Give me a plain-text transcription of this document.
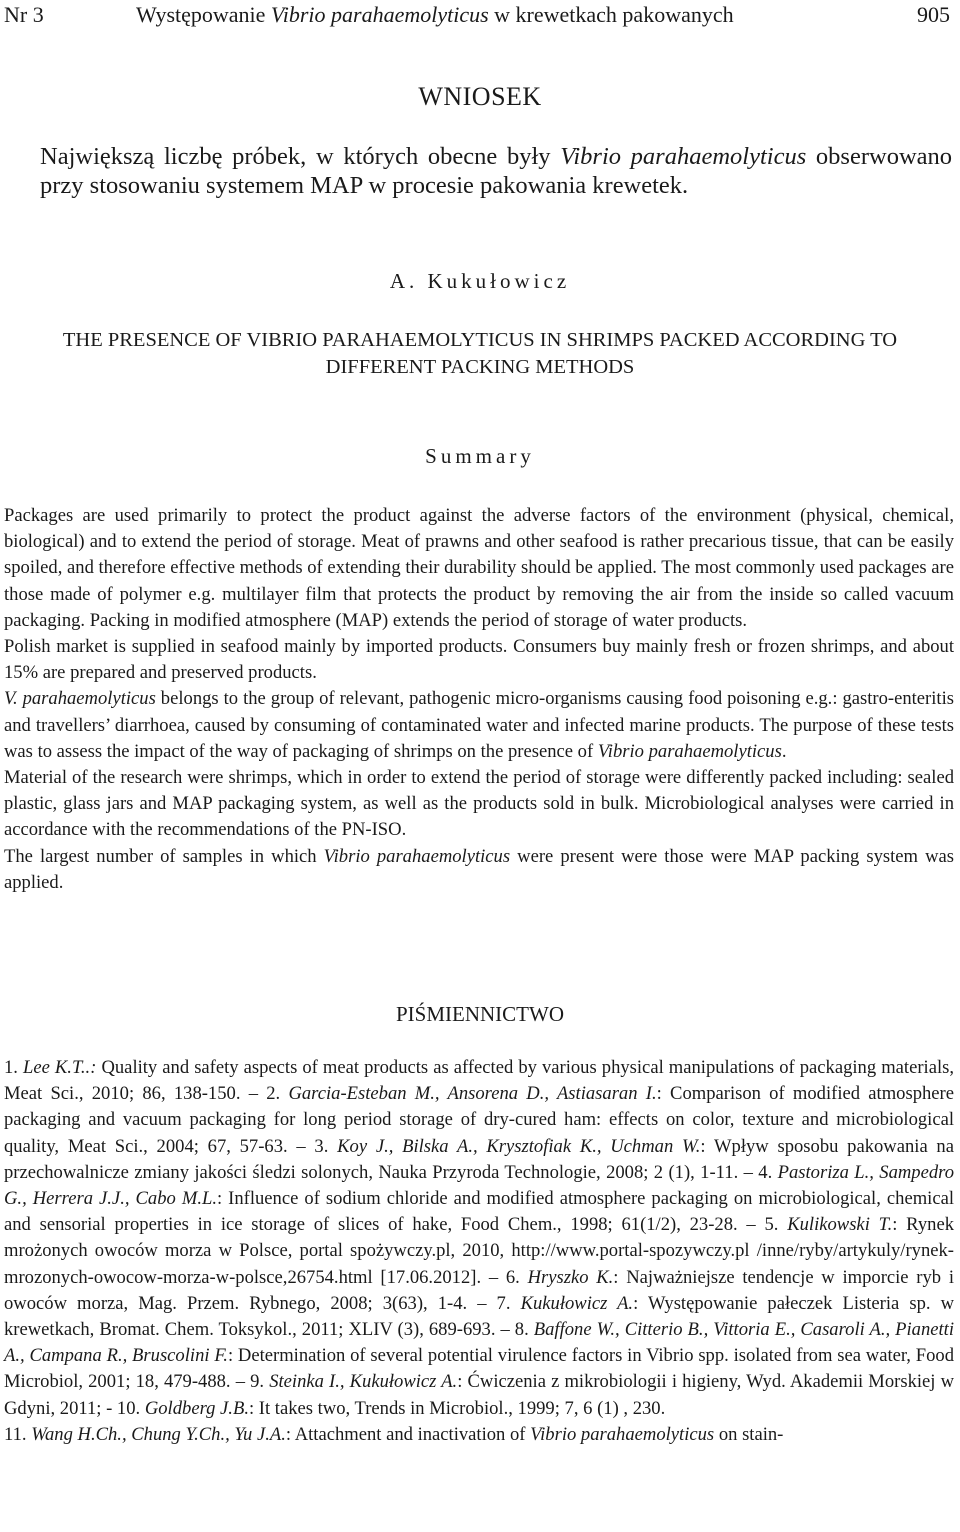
Nr 3	Występowanie Vibrio parahaemolyticus w krewetkach pakowanych	905
WNIOSEK
Największą liczbę próbek, w których obecne były Vibrio parahaemolyticus obserwowano przy stosowaniu systemem MAP w procesie pakowania krewetek.
A. Kukułowicz
THE PRESENCE OF VIBRIO PARAHAEMOLYTICUS IN SHRIMPS PACKED ACCORDING TO DIFFERENT PACKING METHODS
Summary

Packages are used primarily to protect the product against the adverse factors of the environment (physical, chemical, biological) and to extend the period of storage. Meat of prawns and other seafood is rather precarious tissue, that can be easily spoiled, and therefore effective methods of extending their durability should be applied. The most commonly used packages are those made of polymer e.g. multilayer film that protects the product by removing the air from the inside so called vacuum packaging. Packing in modified atmosphere (MAP) extends the period of storage of water products.

Polish market is supplied in seafood mainly by imported products. Consumers buy mainly fresh or frozen shrimps, and about 15% are prepared and preserved products.

V. parahaemolyticus belongs to the group of relevant, pathogenic micro-organisms causing food poisoning e.g.: gastro-enteritis and travellers’ diarrhoea, caused by consuming of contaminated water and infected marine products. The purpose of these tests was to assess the impact of the way of packaging of shrimps on the presence of Vibrio parahaemolyticus.

Material of the research were shrimps, which in order to extend the period of storage were differently packed including: sealed plastic, glass jars and MAP packaging system, as well as the products sold in bulk. Microbiological analyses were carried in accordance with the recommendations of the PN-ISO.

The largest number of samples in which Vibrio parahaemolyticus were present were those were MAP packing system was applied.

PIŚMIENNICTWO

1. Lee K.T..: Quality and safety aspects of meat products as affected by various physical manipulations of packaging materials, Meat Sci., 2010; 86, 138-150. – 2. Garcia-Esteban M., Ansorena D., Astiasaran I.: Comparison of modified atmosphere packaging and vacuum packaging for long period storage of dry-cured ham: effects on color, texture and microbiological quality, Meat Sci., 2004; 67, 57-63. – 3. Koy J., Bilska A., Krysztofiak K., Uchman W.: Wpływ sposobu pakowania na przechowalnicze zmiany jakości śledzi solonych, Nauka Przyroda Technologie, 2008; 2 (1), 1-11. – 4. Pastoriza L., Sampedro G., Herrera J.J., Cabo M.L.: Influence of sodium chloride and modified atmosphere packaging on microbiological, chemical and sensorial properties in ice storage of slices of hake, Food Chem., 1998; 61(1/2), 23-28. – 5. Kulikowski T.: Rynek mrożonych owoców morza w Polsce, portal spożywczy.pl, 2010, http://www.portal-spozywczy.pl /inne/ryby/artykuly/rynek-mrozonych-owocow-morza-w-polsce,26754.html [17.06.2012]. – 6. Hryszko K.: Najważniejsze tendencje w imporcie ryb i owoców morza, Mag. Przem. Rybnego, 2008; 3(63), 1-4. – 7. Kukułowicz A.: Występowanie pałeczek Listeria sp. w krewetkach, Bromat. Chem. Toksykol., 2011; XLIV (3), 689-693. – 8. Baffone W., Citterio B., Vittoria E., Casaroli A., Pianetti A., Campana R., Bruscolini F.: Determination of several potential virulence factors in Vibrio spp. isolated from sea water, Food Microbiol, 2001; 18, 479-488. – 9. Steinka I., Kukułowicz A.: Ćwiczenia z mikrobiologii i higieny, Wyd. Akademii Morskiej w Gdyni, 2011; - 10. Goldberg J.B.: It takes two, Trends in Microbiol., 1999; 7, 6 (1) , 230.

11. Wang H.Ch., Chung Y.Ch., Yu J.A.: Attachment and inactivation of Vibrio parahaemolyticus on stain-
